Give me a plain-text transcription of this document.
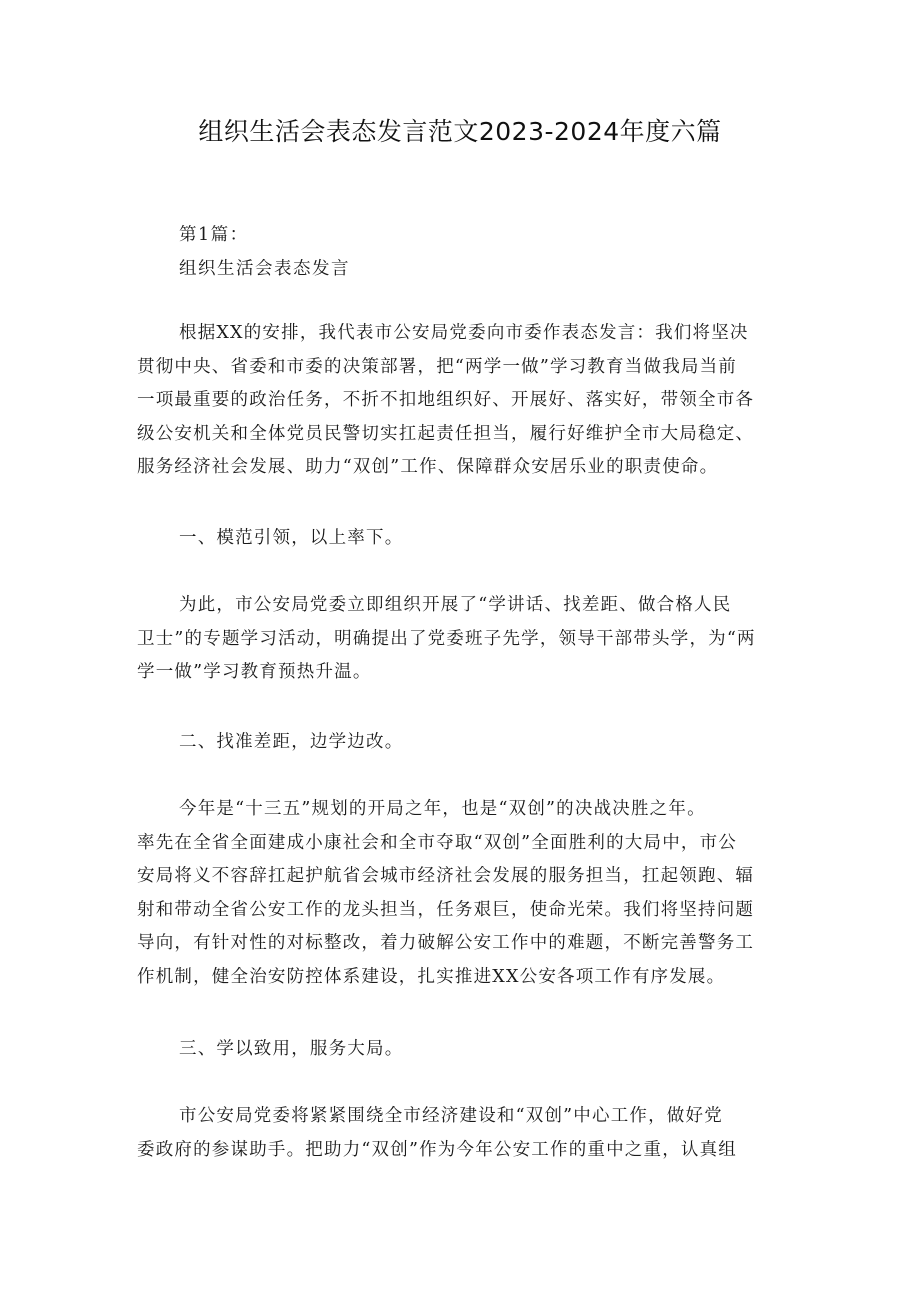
组织生活会表态发言范文2023-2024年度六篇

第1篇：

组织生活会表态发言

根据XX的安排，我代表市公安局党委向市委作表态发言：我们将坚决
贯彻中央、省委和市委的决策部署，把“两学一做”学习教育当做我局当前
一项最重要的政治任务，不折不扣地组织好、开展好、落实好，带领全市各
级公安机关和全体党员民警切实扛起责任担当，履行好维护全市大局稳定、
服务经济社会发展、助力“双创”工作、保障群众安居乐业的职责使命。
一、模范引领，以上率下。
为此，市公安局党委立即组织开展了“学讲话、找差距、做合格人民
卫士”的专题学习活动，明确提出了党委班子先学，领导干部带头学，为“两
学一做”学习教育预热升温。
二、找准差距，边学边改。
今年是“十三五”规划的开局之年，也是“双创”的决战决胜之年。
率先在全省全面建成小康社会和全市夺取“双创”全面胜利的大局中，市公
安局将义不容辞扛起护航省会城市经济社会发展的服务担当，扛起领跑、辐
射和带动全省公安工作的龙头担当，任务艰巨，使命光荣。我们将坚持问题
导向，有针对性的对标整改，着力破解公安工作中的难题，不断完善警务工
作机制，健全治安防控体系建设，扎实推进XX公安各项工作有序发展。
三、学以致用，服务大局。
市公安局党委将紧紧围绕全市经济建设和“双创”中心工作，做好党
委政府的参谋助手。把助力“双创”作为今年公安工作的重中之重，认真组
